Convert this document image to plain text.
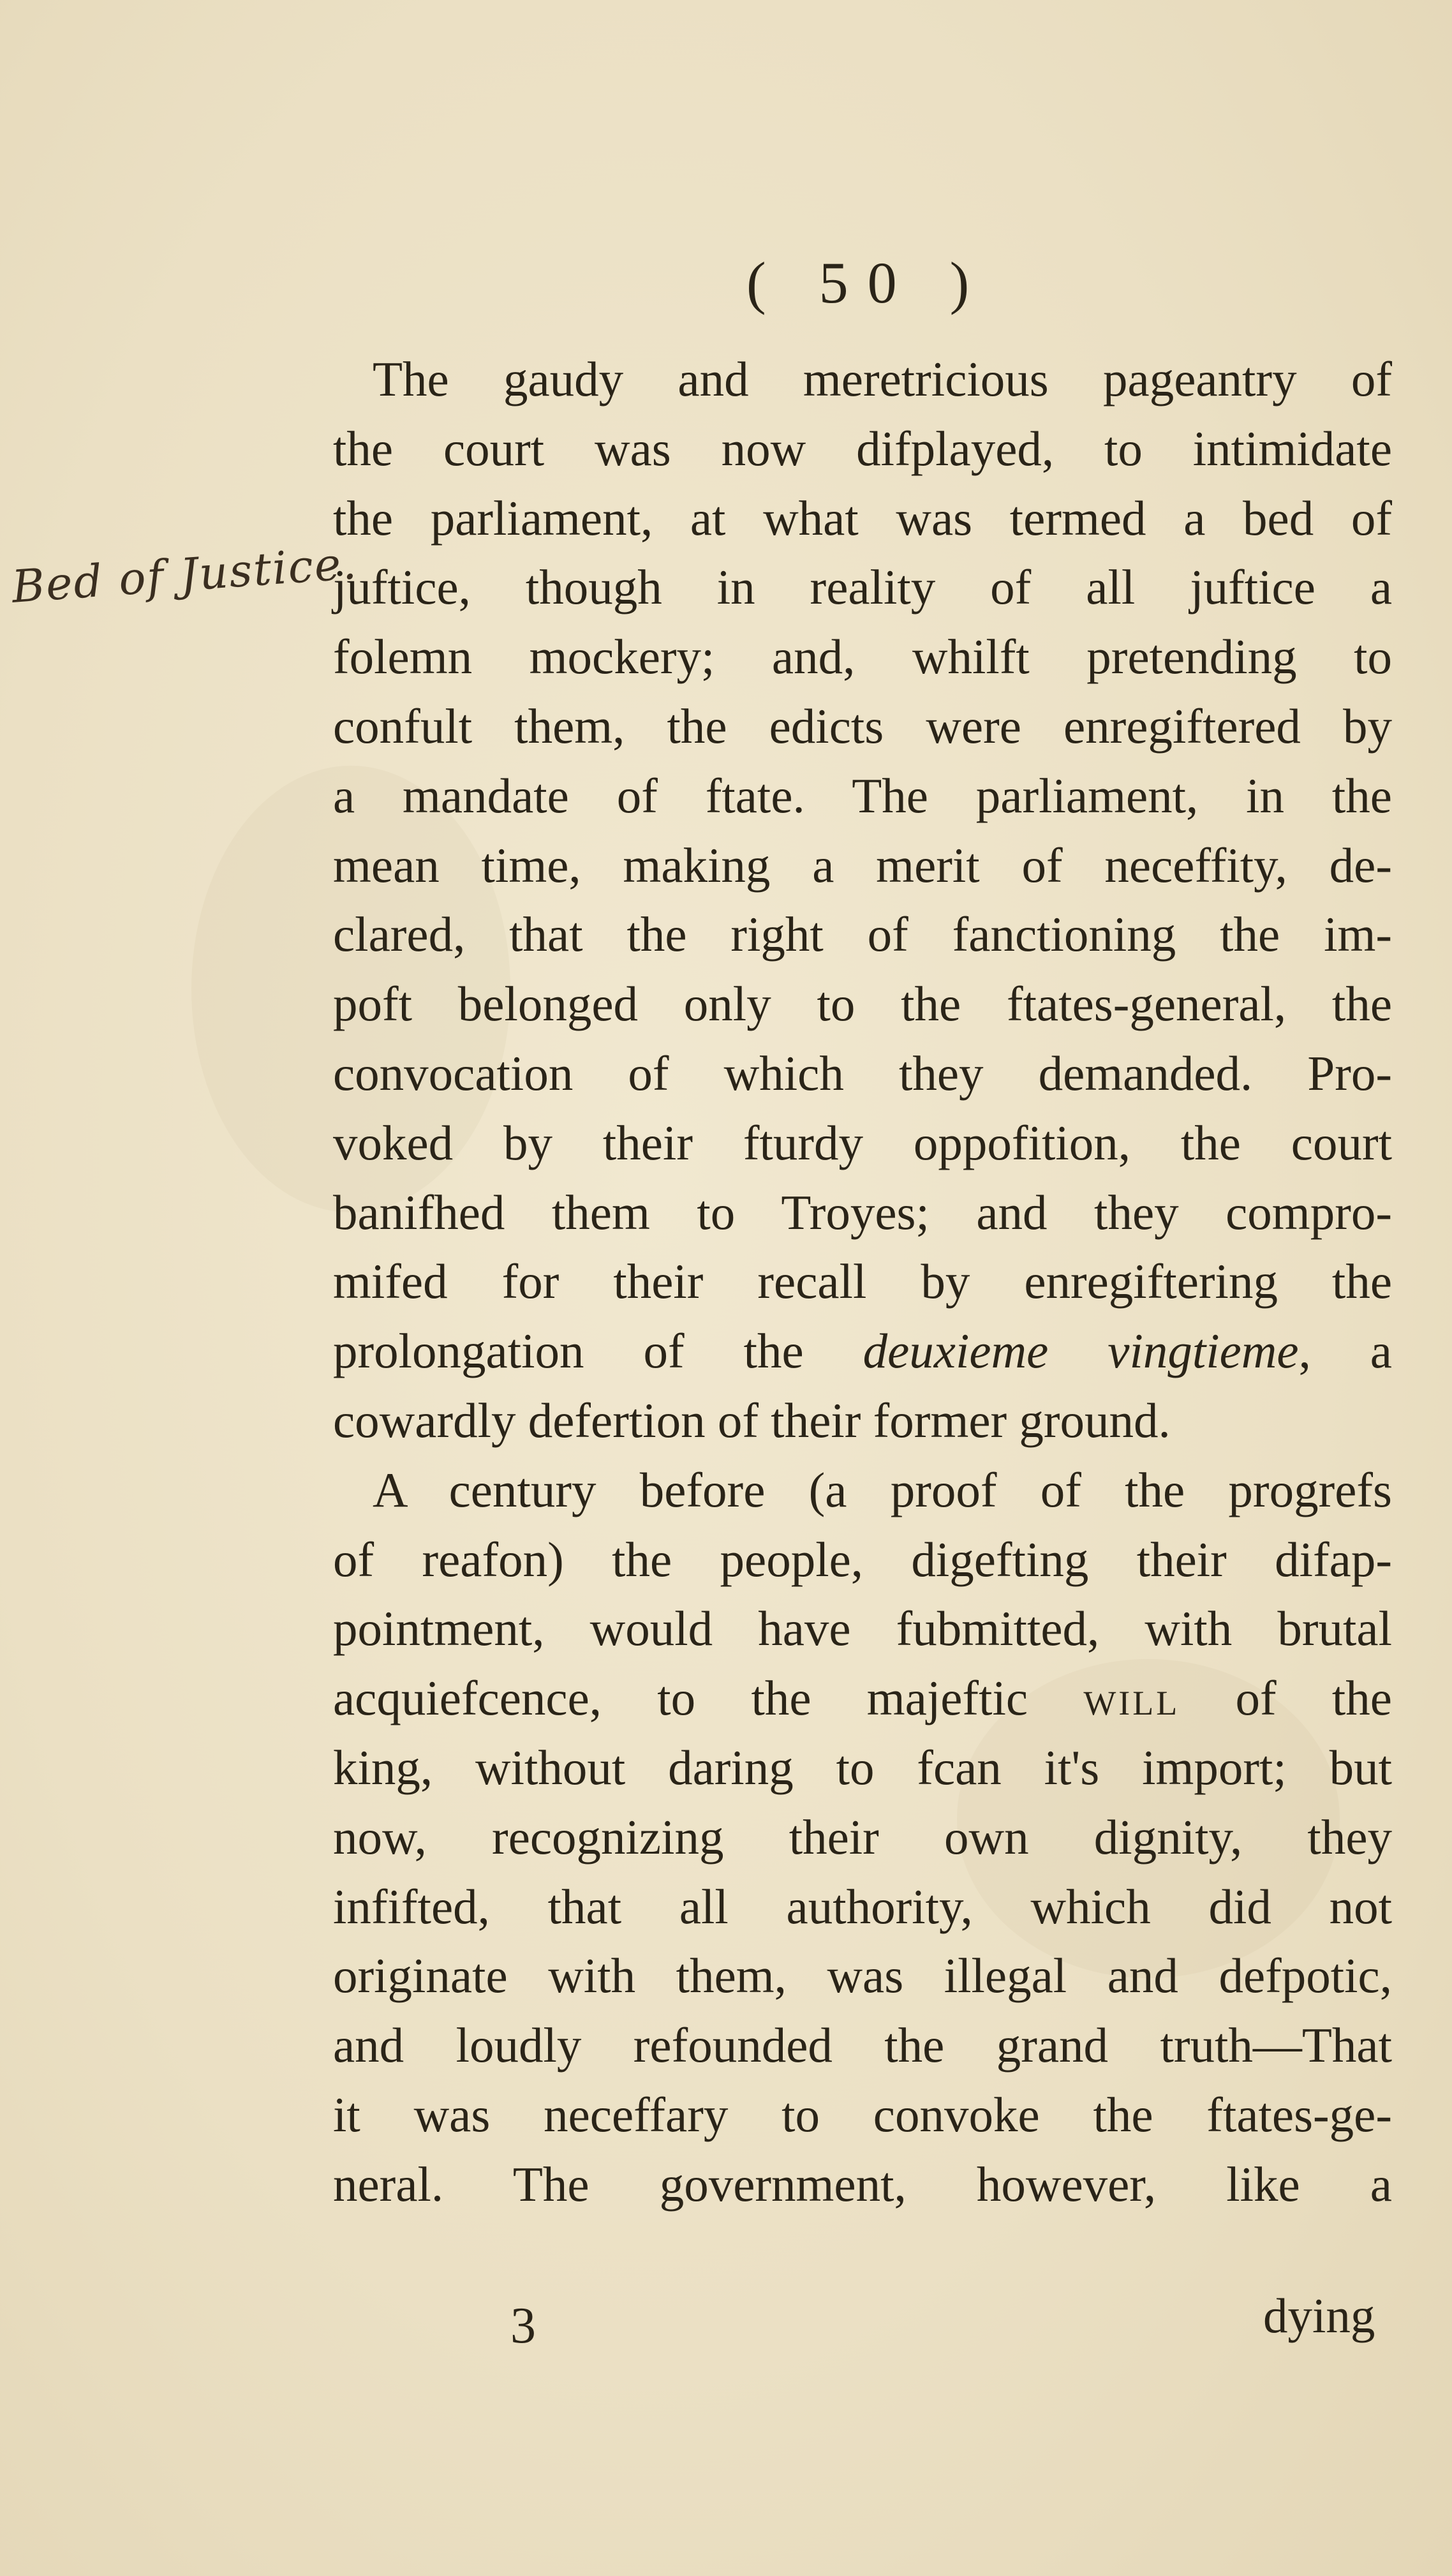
( 50 )
Bed of Justice.
The gaudy and meretricious pageantry of
the court was now difplayed, to intimidate
the parliament, at what was termed a bed of
juftice, though in reality of all juftice a
folemn mockery; and, whilft pretending to
confult them, the edicts were enregiftered by
a mandate of ftate. The parliament, in the
mean time, making a merit of neceffity, de-
clared, that the right of fanctioning the im-
poft belonged only to the ftates-general, the
convocation of which they demanded. Pro-
voked by their fturdy oppofition, the court
banifhed them to Troyes; and they compro-
mifed for their recall by enregiftering the
prolongation of the deuxieme vingtieme, a
cowardly defertion of their former ground.
A century before (a proof of the progrefs
of reafon) the people, digefting their difap-
pointment, would have fubmitted, with brutal
acquiefcence, to the majeftic will of the
king, without daring to fcan it's import; but
now, recognizing their own dignity, they
infifted, that all authority, which did not
originate with them, was illegal and defpotic,
and loudly refounded the grand truth—That
it was neceffary to convoke the ftates-ge-
neral. The government, however, like a
3	dying
